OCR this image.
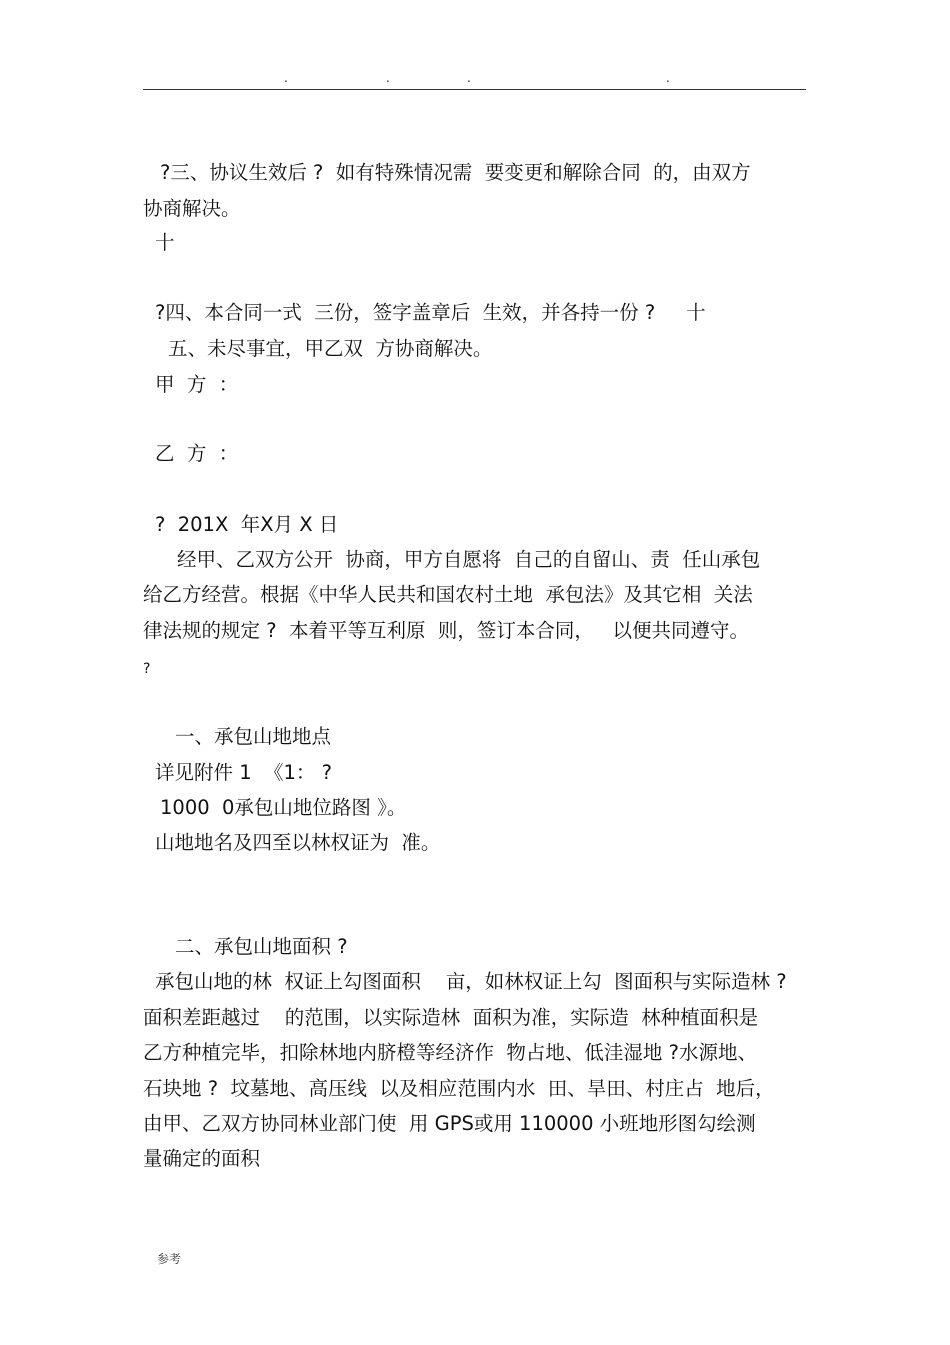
.	.	.	.
?三、协议生效后 ?  如有特殊情况需  要变更和解除合同  的，由双方
协商解决。
十
?四、本合同一式  三份，签字盖章后  生效，并各持一份 ?     十
五、未尽事宜，甲乙双  方协商解决。
甲  方  ：
乙  方  ：
?  201X  年X月 X 日
经甲、乙双方公开  协商，甲方自愿将  自己的自留山、责  任山承包
给乙方经营。根据《中华人民共和国农村土地  承包法》及其它相  关法
律法规的规定 ?  本着平等互利原  则，签订本合同，   以便共同遵守。
?
一、承包山地地点
详见附件 1  《1： ?
1000  0承包山地位路图 》。
山地地名及四至以林权证为  准。
二、承包山地面积 ?
承包山地的林  权证上勾图面积    亩，如林权证上勾  图面积与实际造林 ?
面积差距越过    的范围，以实际造林  面积为准，实际造  林种植面积是
乙方种植完毕，扣除林地内脐橙等经济作  物占地、低洼湿地 ?水源地、
石块地 ?  坟墓地、高压线  以及相应范围内水  田、旱田、村庄占  地后，
由甲、乙双方协同林业部门使  用 GPS或用 110000 小班地形图勾绘测
量确定的面积
参考
